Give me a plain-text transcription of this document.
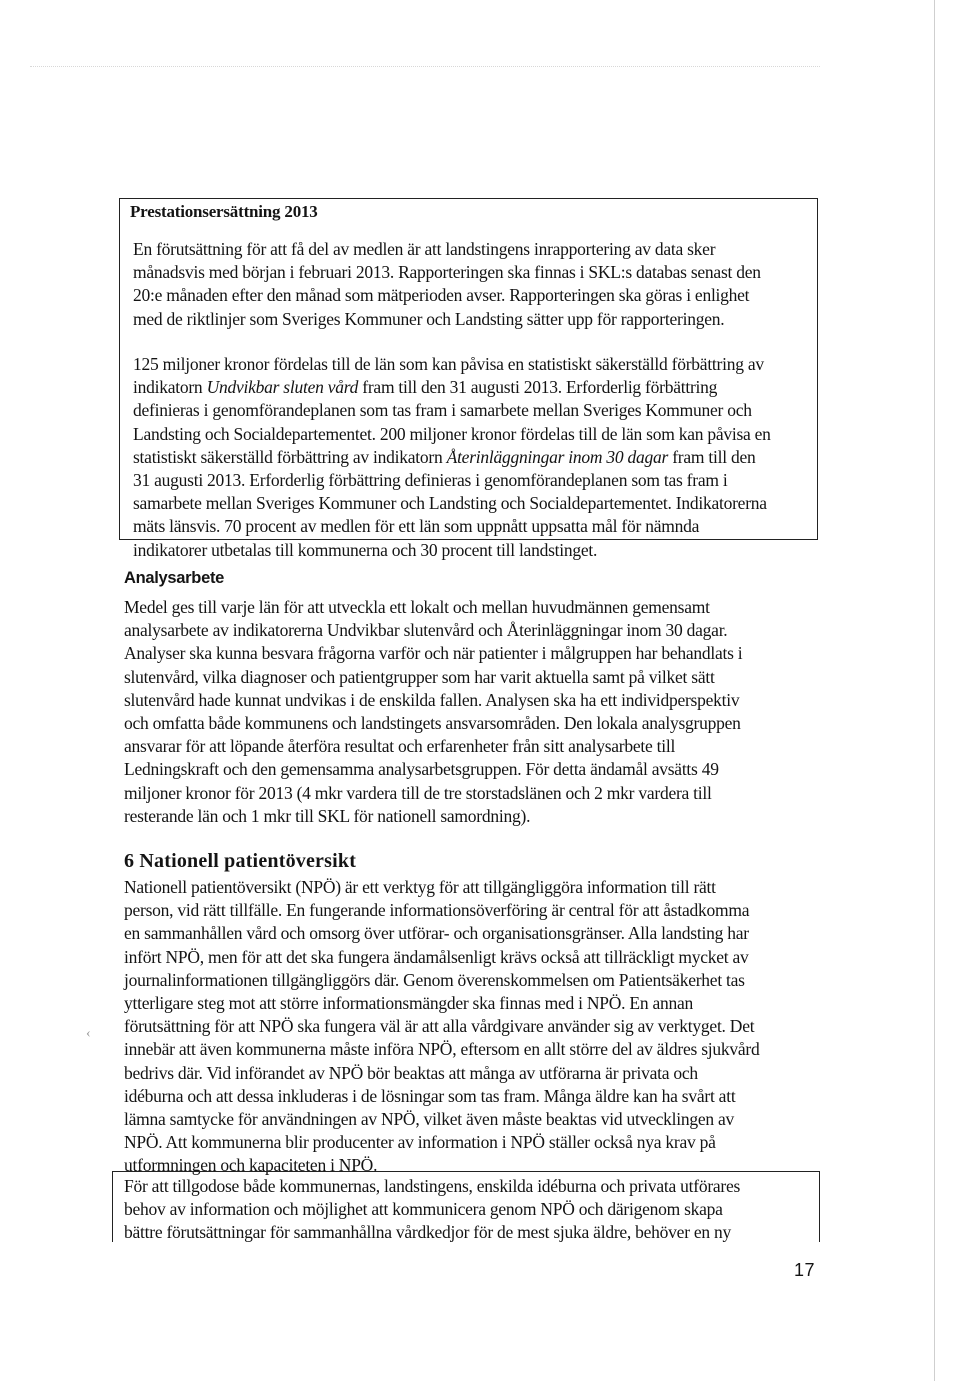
Prestationsersättning 2013

En förutsättning för att få del av medlen är att landstingens inrapportering av data sker
månadsvis med början i februari 2013. Rapporteringen ska finnas i SKL:s databas senast den
20:e månaden efter den månad som mätperioden avser. Rapporteringen ska göras i enlighet
med de riktlinjer som Sveriges Kommuner och Landsting sätter upp för rapporteringen.

125 miljoner kronor fördelas till de län som kan påvisa en statistiskt säkerställd förbättring av
indikatorn Undvikbar sluten vård fram till den 31 augusti 2013. Erforderlig förbättring
definieras i genomförandeplanen som tas fram i samarbete mellan Sveriges Kommuner och
Landsting och Socialdepartementet. 200 miljoner kronor fördelas till de län som kan påvisa en
statistiskt säkerställd förbättring av indikatorn Återinläggningar inom 30 dagar fram till den
31 augusti 2013. Erforderlig förbättring definieras i genomförandeplanen som tas fram i
samarbete mellan Sveriges Kommuner och Landsting och Socialdepartementet. Indikatorerna
mäts länsvis. 70 procent av medlen för ett län som uppnått uppsatta mål för nämnda
indikatorer utbetalas till kommunerna och 30 procent till landstinget.

Analysarbete

Medel ges till varje län för att utveckla ett lokalt och mellan huvudmännen gemensamt
analysarbete av indikatorerna Undvikbar slutenvård och Återinläggningar inom 30 dagar.
Analyser ska kunna besvara frågorna varför och när patienter i målgruppen har behandlats i
slutenvård, vilka diagnoser och patientgrupper som har varit aktuella samt på vilket sätt
slutenvård hade kunnat undvikas i de enskilda fallen. Analysen ska ha ett individperspektiv
och omfatta både kommunens och landstingets ansvarsområden. Den lokala analysgruppen
ansvarar för att löpande återföra resultat och erfarenheter från sitt analysarbete till
Ledningskraft och den gemensamma analysarbetsgruppen. För detta ändamål avsätts 49
miljoner kronor för 2013 (4 mkr vardera till de tre storstadslänen och 2 mkr vardera till
resterande län och 1 mkr till SKL för nationell samordning).

6 Nationell patientöversikt

Nationell patientöversikt (NPÖ) är ett verktyg för att tillgängliggöra information till rätt
person, vid rätt tillfälle. En fungerande informationsöverföring är central för att åstadkomma
en sammanhållen vård och omsorg över utförar- och organisationsgränser. Alla landsting har
infört NPÖ, men för att det ska fungera ändamålsenligt krävs också att tillräckligt mycket av
journalinformationen tillgängliggörs där. Genom överenskommelsen om Patientsäkerhet tas
ytterligare steg mot att större informationsmängder ska finnas med i NPÖ. En annan
förutsättning för att NPÖ ska fungera väl är att alla vårdgivare använder sig av verktyget. Det
innebär att även kommunerna måste införa NPÖ, eftersom en allt större del av äldres sjukvård
bedrivs där. Vid införandet av NPÖ bör beaktas att många av utförarna är privata och
idéburna och att dessa inkluderas i de lösningar som tas fram. Många äldre kan ha svårt att
lämna samtycke för användningen av NPÖ, vilket även måste beaktas vid utvecklingen av
NPÖ. Att kommunerna blir producenter av information i NPÖ ställer också nya krav på
utformningen och kapaciteten i NPÖ.

‹

För att tillgodose både kommunernas, landstingens, enskilda idéburna och privata utförares
behov av information och möjlighet att kommunicera genom NPÖ och därigenom skapa
bättre förutsättningar för sammanhållna vårdkedjor för de mest sjuka äldre, behöver en ny

17
